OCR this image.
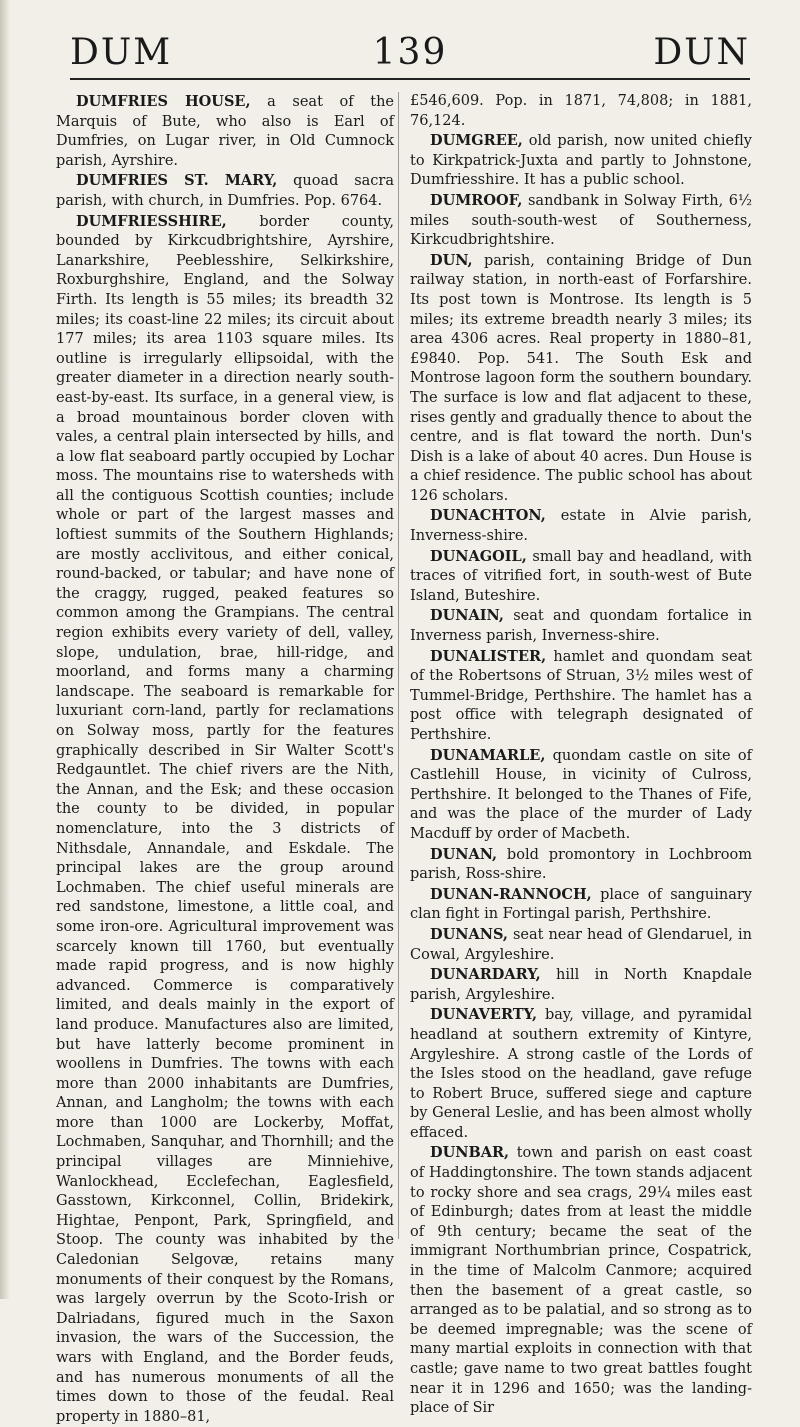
DUM	139	DUN

DUMFRIES HOUSE, a seat of the Marquis of Bute, who also is Earl of Dumfries, on Lugar river, in Old Cumnock parish, Ayrshire.

DUMFRIES ST. MARY, quoad sacra parish, with church, in Dumfries. Pop. 6764.

DUMFRIESSHIRE, border county, bounded by Kirkcudbrightshire, Ayrshire, Lanarkshire, Peeblesshire, Selkirkshire, Roxburghshire, England, and the Solway Firth. Its length is 55 miles; its breadth 32 miles; its coast-line 22 miles; its circuit about 177 miles; its area 1103 square miles. Its outline is irregularly ellipsoidal, with the greater diameter in a direction nearly south-east-by-east. Its surface, in a general view, is a broad mountainous border cloven with vales, a central plain intersected by hills, and a low flat seaboard partly occupied by Lochar moss. The mountains rise to watersheds with all the contiguous Scottish counties; include whole or part of the largest masses and loftiest summits of the Southern Highlands; are mostly acclivitous, and either conical, round-backed, or tabular; and have none of the craggy, rugged, peaked features so common among the Grampians. The central region exhibits every variety of dell, valley, slope, undulation, brae, hill-ridge, and moorland, and forms many a charming landscape. The seaboard is remarkable for luxuriant corn-land, partly for reclamations on Solway moss, partly for the features graphically described in Sir Walter Scott's Redgauntlet. The chief rivers are the Nith, the Annan, and the Esk; and these occasion the county to be divided, in popular nomenclature, into the 3 districts of Nithsdale, Annandale, and Eskdale. The principal lakes are the group around Lochmaben. The chief useful minerals are red sandstone, limestone, a little coal, and some iron-ore. Agricultural improvement was scarcely known till 1760, but eventually made rapid progress, and is now highly advanced. Commerce is comparatively limited, and deals mainly in the export of land produce. Manufactures also are limited, but have latterly become prominent in woollens in Dumfries. The towns with each more than 2000 inhabitants are Dumfries, Annan, and Langholm; the towns with each more than 1000 are Lockerby, Moffat, Lochmaben, Sanquhar, and Thornhill; and the principal villages are Minniehive, Wanlockhead, Ecclefechan, Eaglesfield, Gasstown, Kirkconnel, Collin, Bridekirk, Hightae, Penpont, Park, Springfield, and Stoop. The county was inhabited by the Caledonian Selgovæ, retains many monuments of their conquest by the Romans, was largely overrun by the Scoto-Irish or Dalriadans, figured much in the Saxon invasion, the wars of the Succession, the wars with England, and the Border feuds, and has numerous monuments of all the times down to those of the feudal. Real property in 1880–81,

£546,609. Pop. in 1871, 74,808; in 1881, 76,124.

DUMGREE, old parish, now united chiefly to Kirkpatrick-Juxta and partly to Johnstone, Dumfriesshire. It has a public school.

DUMROOF, sandbank in Solway Firth, 6½ miles south-south-west of Southerness, Kirkcudbrightshire.

DUN, parish, containing Bridge of Dun railway station, in north-east of Forfarshire. Its post town is Montrose. Its length is 5 miles; its extreme breadth nearly 3 miles; its area 4306 acres. Real property in 1880–81, £9840. Pop. 541. The South Esk and Montrose lagoon form the southern boundary. The surface is low and flat adjacent to these, rises gently and gradually thence to about the centre, and is flat toward the north. Dun's Dish is a lake of about 40 acres. Dun House is a chief residence. The public school has about 126 scholars.

DUNACHTON, estate in Alvie parish, Inverness-shire.

DUNAGOIL, small bay and headland, with traces of vitrified fort, in south-west of Bute Island, Buteshire.

DUNAIN, seat and quondam fortalice in Inverness parish, Inverness-shire.

DUNALISTER, hamlet and quondam seat of the Robertsons of Struan, 3½ miles west of Tummel-Bridge, Perthshire. The hamlet has a post office with telegraph designated of Perthshire.

DUNAMARLE, quondam castle on site of Castlehill House, in vicinity of Culross, Perthshire. It belonged to the Thanes of Fife, and was the place of the murder of Lady Macduff by order of Macbeth.

DUNAN, bold promontory in Lochbroom parish, Ross-shire.

DUNAN-RANNOCH, place of sanguinary clan fight in Fortingal parish, Perthshire.

DUNANS, seat near head of Glendaruel, in Cowal, Argyleshire.

DUNARDARY, hill in North Knapdale parish, Argyleshire.

DUNAVERTY, bay, village, and pyramidal headland at southern extremity of Kintyre, Argyleshire. A strong castle of the Lords of the Isles stood on the headland, gave refuge to Robert Bruce, suffered siege and capture by General Leslie, and has been almost wholly effaced.

DUNBAR, town and parish on east coast of Haddingtonshire. The town stands adjacent to rocky shore and sea crags, 29¼ miles east of Edinburgh; dates from at least the middle of 9th century; became the seat of the immigrant Northumbrian prince, Cospatrick, in the time of Malcolm Canmore; acquired then the basement of a great castle, so arranged as to be palatial, and so strong as to be deemed impregnable; was the scene of many martial exploits in connection with that castle; gave name to two great battles fought near it in 1296 and 1650; was the landing-place of Sir
